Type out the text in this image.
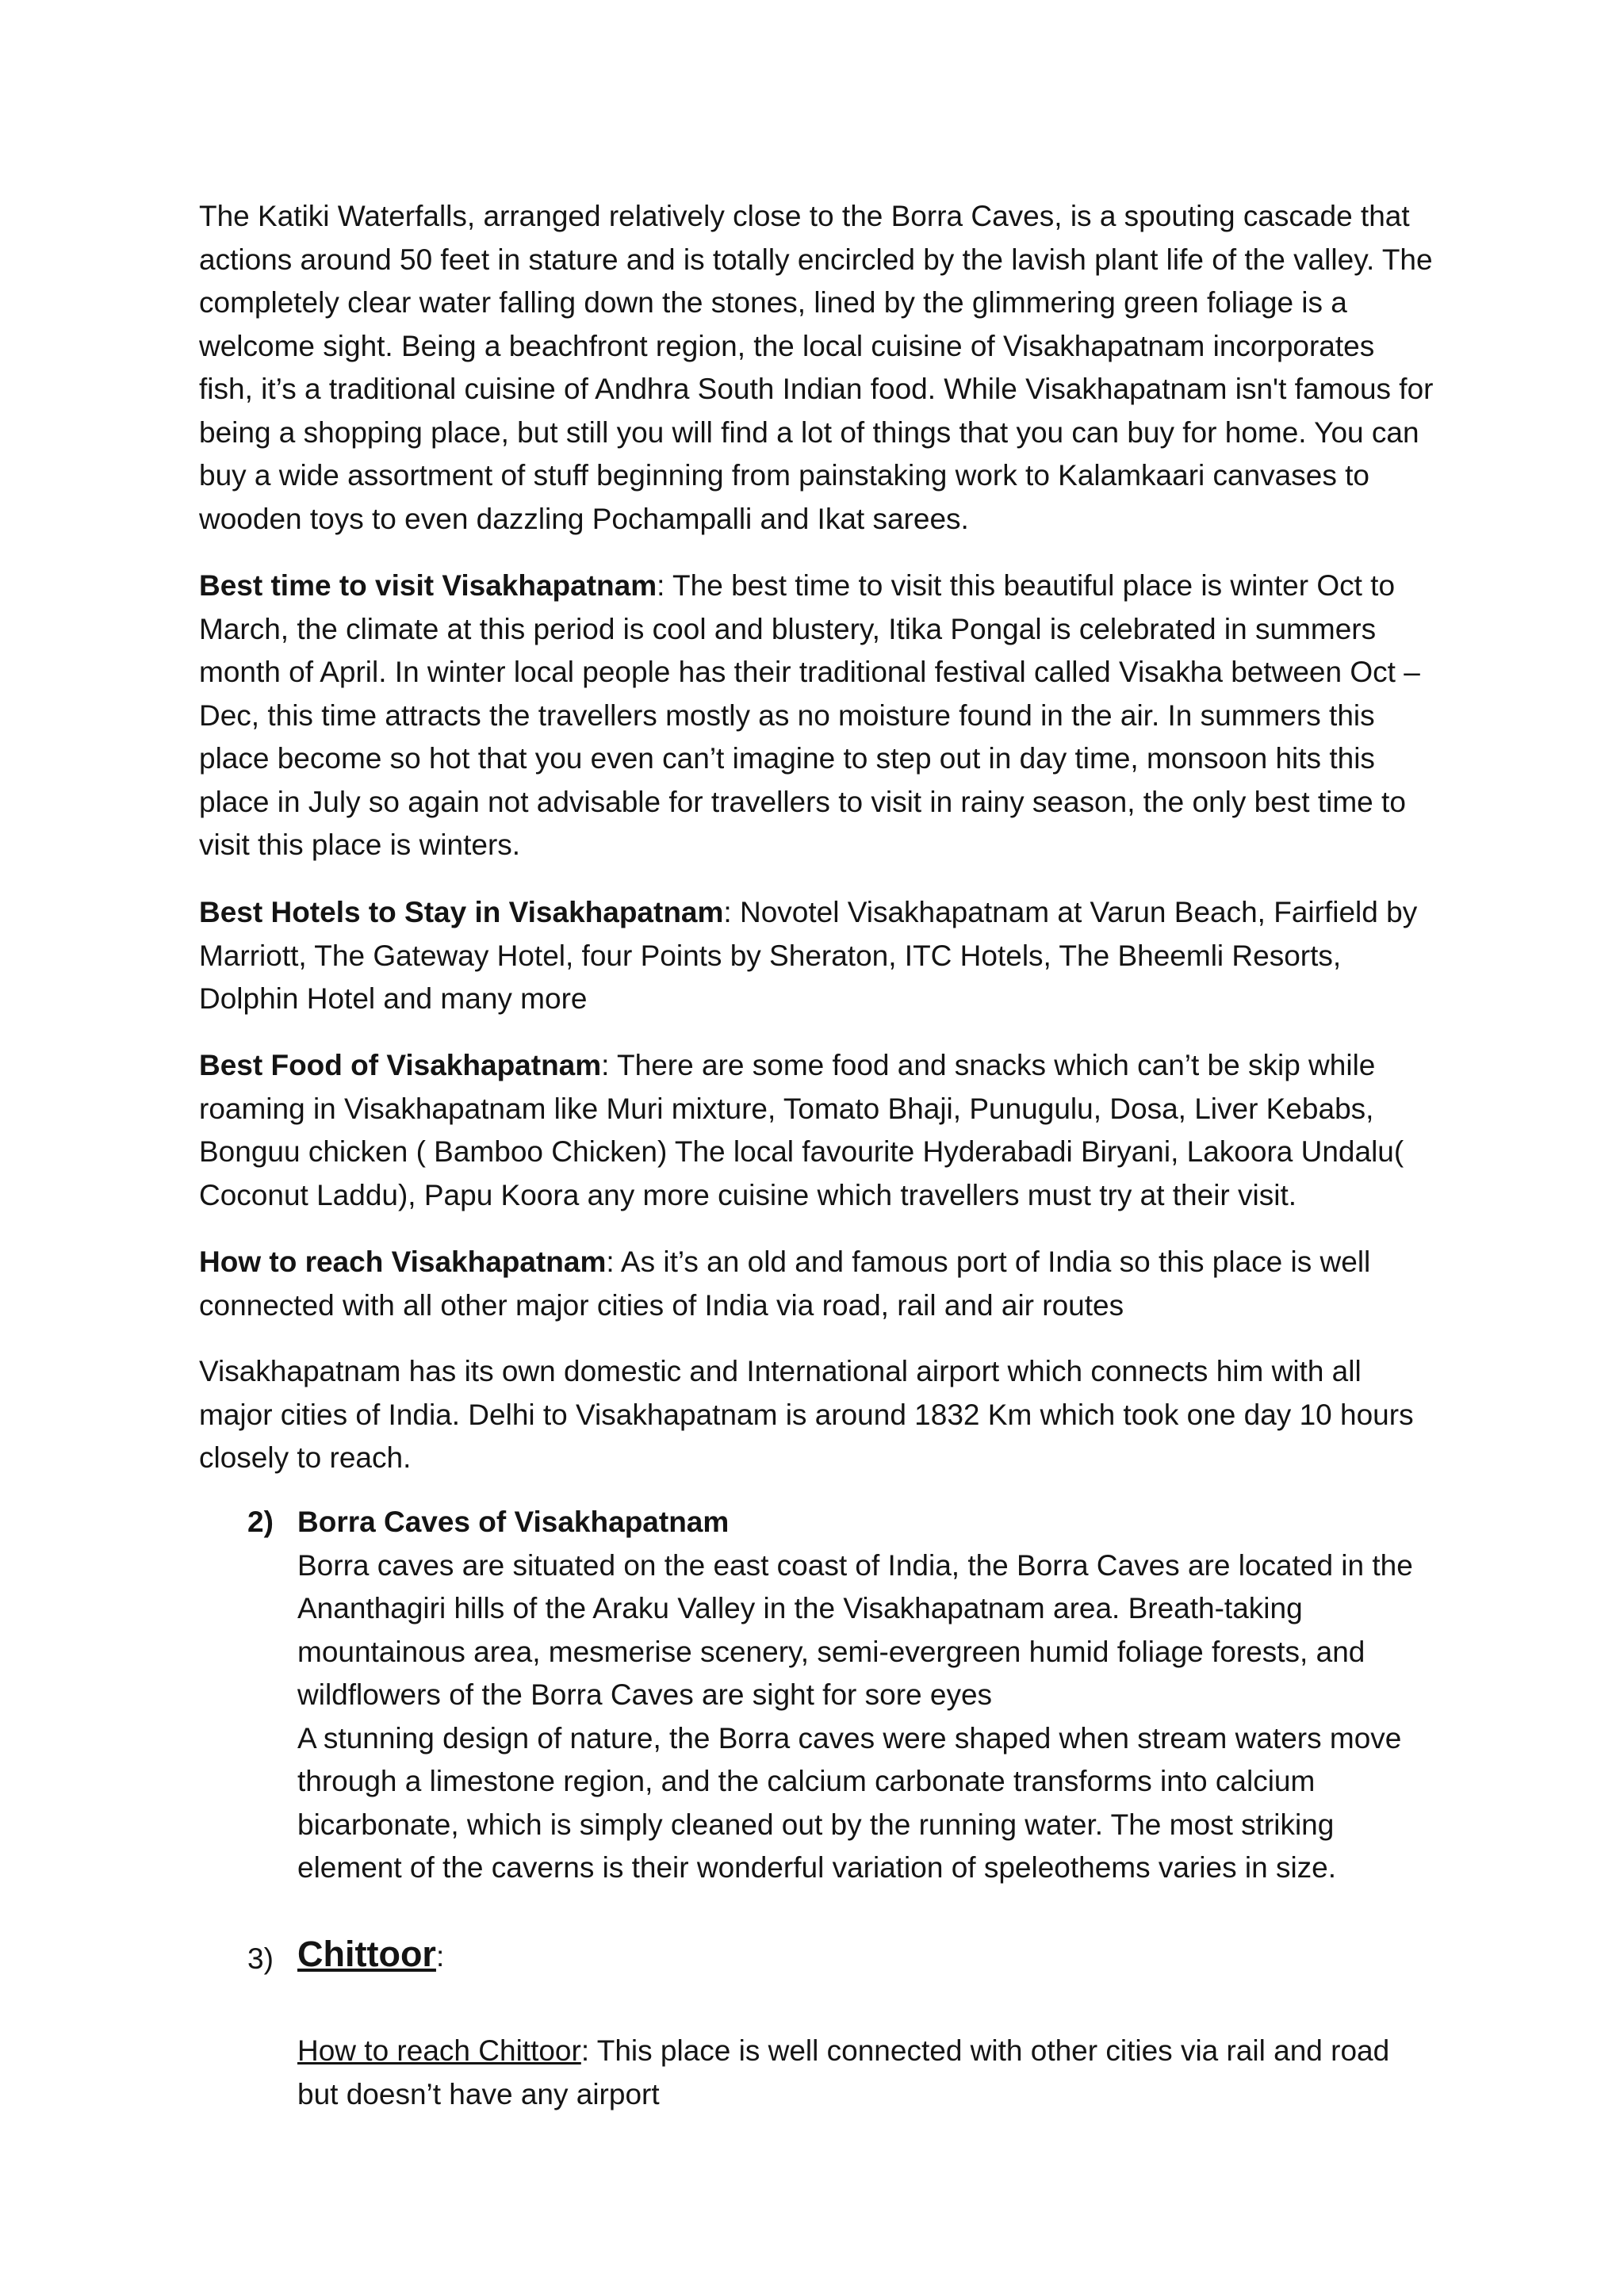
The Katiki Waterfalls, arranged relatively close to the Borra Caves, is a spouting cascade that actions around 50 feet in stature and is totally encircled by the lavish plant life of the valley. The completely clear water falling down the stones, lined by the glimmering green foliage is a welcome sight. Being a beachfront region, the local cuisine of Visakhapatnam incorporates fish, it’s a traditional cuisine of Andhra South Indian food. While Visakhapatnam isn't famous for being a shopping place, but still you will find a lot of things that you can buy for home. You can buy a wide assortment of stuff beginning from painstaking work to Kalamkaari canvases to wooden toys to even dazzling Pochampalli and Ikat sarees.

Best time to visit Visakhapatnam: The best time to visit this beautiful place is winter Oct to March, the climate at this period is cool and blustery, Itika Pongal is celebrated in summers month of April. In winter local people has their traditional festival called Visakha between Oct – Dec, this time attracts the travellers mostly as no moisture found in the air. In summers this place become so hot that you even can’t imagine to step out in day time, monsoon hits this place in July so again not advisable for travellers to visit in rainy season, the only best time to visit this place is winters.

Best Hotels to Stay in Visakhapatnam: Novotel Visakhapatnam at Varun Beach, Fairfield by Marriott, The Gateway Hotel, four Points by Sheraton, ITC Hotels, The Bheemli Resorts, Dolphin Hotel and many more

Best Food of Visakhapatnam: There are some food and snacks which can’t be skip while roaming in Visakhapatnam like Muri mixture, Tomato Bhaji, Punugulu, Dosa, Liver Kebabs, Bonguu chicken ( Bamboo Chicken) The local favourite Hyderabadi Biryani, Lakoora Undalu( Coconut Laddu), Papu Koora any more cuisine which travellers must try at their visit.

How to reach Visakhapatnam: As it’s an old and famous port of India so this place is well connected with all other major cities of India via road, rail and air routes

Visakhapatnam has its own domestic and International airport which connects him with all major cities of India. Delhi to Visakhapatnam is around 1832 Km which took one day 10 hours closely to reach.

2) Borra Caves of Visakhapatnam
Borra caves are situated on the east coast of India, the Borra Caves are located in the Ananthagiri hills of the Araku Valley in the Visakhapatnam area. Breath-taking mountainous area, mesmerise scenery, semi-evergreen humid foliage forests, and wildflowers of the Borra Caves are sight for sore eyes
A stunning design of nature, the Borra caves were shaped when stream waters move through a limestone region, and the calcium carbonate transforms into calcium bicarbonate, which is simply cleaned out by the running water. The most striking element of the caverns is their wonderful variation of speleothems varies in size.
3) Chittoor:
How to reach Chittoor: This place is well connected with other cities via rail and road but doesn’t have any airport
